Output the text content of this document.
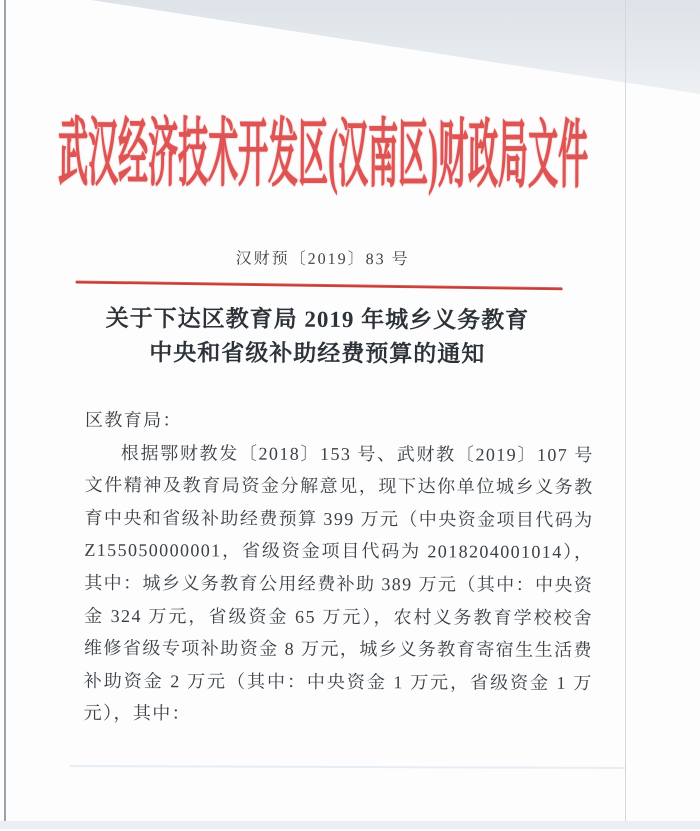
武汉经济技术开发区(汉南区)财政局文件
汉财预〔2019〕83 号
关于下达区教育局 2019 年城乡义务教育
中央和省级补助经费预算的通知

区教育局：

根据鄂财教发〔2018〕153 号、武财教〔2019〕107 号文件精神及教育局资金分解意见，现下达你单位城乡义务教育中央和省级补助经费预算 399 万元（中央资金项目代码为 Z155050000001，省级资金项目代码为 2018204001014），其中：城乡义务教育公用经费补助 389 万元（其中：中央资金 324 万元，省级资金 65 万元），农村义务教育学校校舍维修省级专项补助资金 8 万元，城乡义务教育寄宿生生活费补助资金 2 万元（其中：中央资金 1 万元，省级资金 1 万元），其中：
